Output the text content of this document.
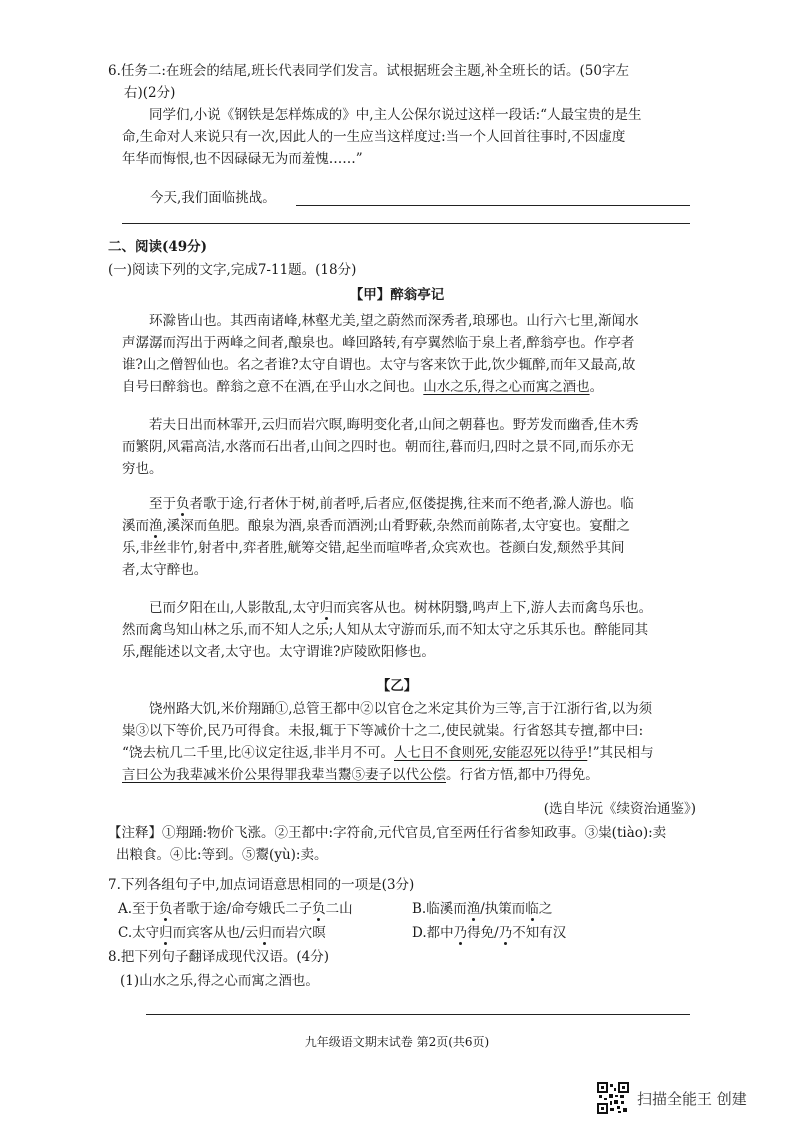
6.任务二:在班会的结尾,班长代表同学们发言。试根据班会主题,补全班长的话。(50字左
右)(2分)
同学们,小说《钢铁是怎样炼成的》中,主人公保尔说过这样一段话:“人最宝贵的是生
命,生命对人来说只有一次,因此人的一生应当这样度过:当一个人回首往事时,不因虚度
年华而悔恨,也不因碌碌无为而羞愧……”
今天,我们面临挑战。
二、阅读(49分)
(一)阅读下列的文字,完成7-11题。(18分)
【甲】醉翁亭记
环滁皆山也。其西南诸峰,林壑尤美,望之蔚然而深秀者,琅琊也。山行六七里,渐闻水
声潺潺而泻出于两峰之间者,酿泉也。峰回路转,有亭翼然临于泉上者,醉翁亭也。作亭者
谁?山之僧智仙也。名之者谁?太守自谓也。太守与客来饮于此,饮少辄醉,而年又最高,故
自号曰醉翁也。醉翁之意不在酒,在乎山水之间也。山水之乐,得之心而寓之酒也。
若夫日出而林霏开,云归而岩穴暝,晦明变化者,山间之朝暮也。野芳发而幽香,佳木秀
而繁阴,风霜高洁,水落而石出者,山间之四时也。朝而往,暮而归,四时之景不同,而乐亦无
穷也。
至于负者歌于途,行者休于树,前者呼,后者应,伛偻提携,往来而不绝者,滁人游也。临
溪而渔,溪深而鱼肥。酿泉为酒,泉香而酒洌;山肴野蔌,杂然而前陈者,太守宴也。宴酣之
乐,非丝非竹,射者中,弈者胜,觥筹交错,起坐而喧哗者,众宾欢也。苍颜白发,颓然乎其间
者,太守醉也。
已而夕阳在山,人影散乱,太守归而宾客从也。树林阴翳,鸣声上下,游人去而禽鸟乐也。
然而禽鸟知山林之乐,而不知人之乐;人知从太守游而乐,而不知太守之乐其乐也。醉能同其
乐,醒能述以文者,太守也。太守谓谁?庐陵欧阳修也。
【乙】
饶州路大饥,米价翔踊①,总管王都中②以官仓之米定其价为三等,言于江浙行省,以为须
粜③以下等价,民乃可得食。未报,辄于下等减价十之二,使民就粜。行省怒其专擅,都中曰:
“饶去杭几二千里,比④议定往返,非半月不可。人七日不食则死,安能忍死以待乎!”其民相与
言曰公为我辈减米价公果得罪我辈当鬻⑤妻子以代公偿。行省方悟,都中乃得免。
(选自毕沅《续资治通鉴》)
【注释】①翔踊:物价飞涨。②王都中:字符俞,元代官员,官至两任行省参知政事。③粜(tiào):卖
出粮食。④比:等到。⑤鬻(yù):卖。
7.下列各组句子中,加点词语意思相同的一项是(3分)
A.至于负者歌于途/命夸娥氏二子负二山	B.临溪而渔/执策而临之
C.太守归而宾客从也/云归而岩穴暝	D.都中乃得免/乃不知有汉
8.把下列句子翻译成现代汉语。(4分)
(1)山水之乐,得之心而寓之酒也。
九年级语文期末试卷 第2页(共6页)
扫描全能王 创建
